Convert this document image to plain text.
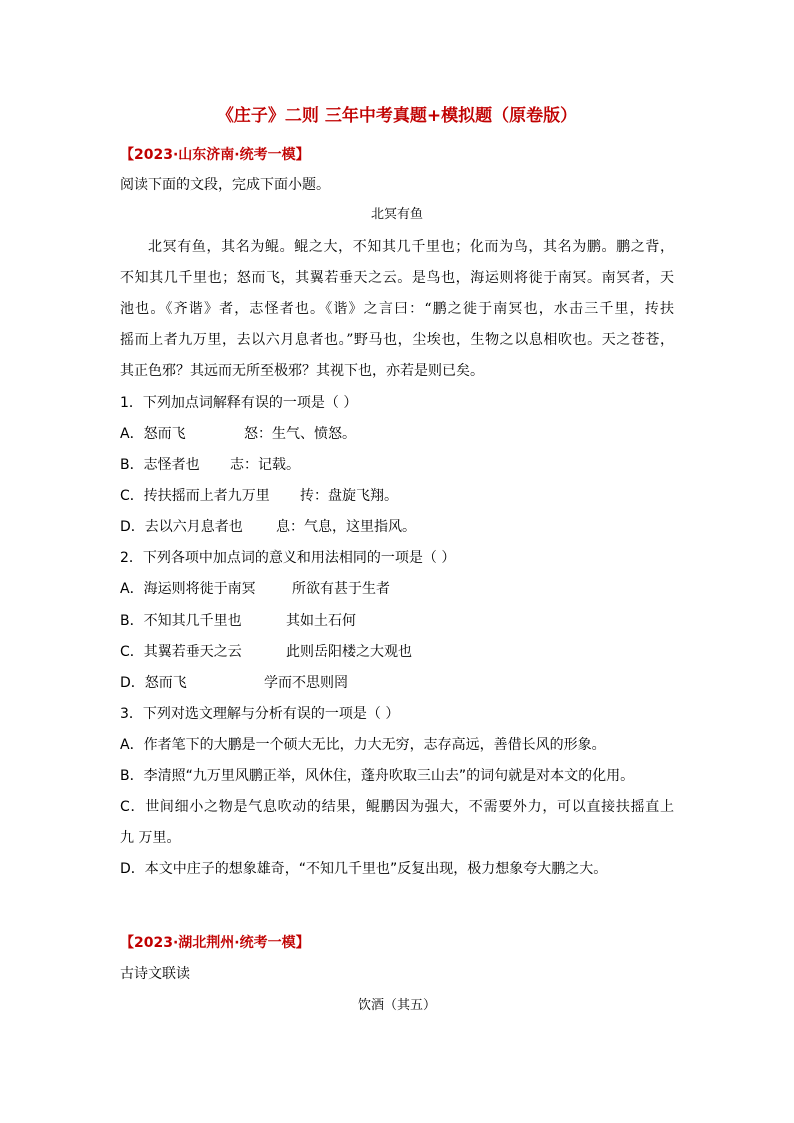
《庄子》二则 三年中考真题+模拟题（原卷版）
【2023·山东济南·统考一模】
阅读下面的文段，完成下面小题。
北冥有鱼
北冥有鱼，其名为鲲。鲲之大，不知其几千里也；化而为鸟，其名为鹏。鹏之背，
不知其几千里也；怒而飞，其翼若垂天之云。是鸟也，海运则将徙于南冥。南冥者，天
池也。《齐谐》者，志怪者也。《谐》之言曰：“鹏之徙于南冥也，水击三千里，抟扶
摇而上者九万里，去以六月息者也。”野马也，尘埃也，生物之以息相吹也。天之苍苍，
其正色邪？其远而无所至极邪？其视下也，亦若是则已矣。
1．下列加点词解释有误的一项是（ ）
A．怒而飞	怒：生气、愤怒。
B．志怪者也 志：记载。
C．抟扶摇而上者九万里 抟：盘旋飞翔。
D．去以六月息者也 息：气息，这里指风。
2．下列各项中加点词的意义和用法相同的一项是（ ）
A．海运则将徙于南冥	所欲有甚于生者
B．不知其几千里也	其如土石何
C．其翼若垂天之云	此则岳阳楼之大观也
D．怒而飞	学而不思则罔
3．下列对选文理解与分析有误的一项是（ ）
A．作者笔下的大鹏是一个硕大无比，力大无穷，志存高远，善借长风的形象。
B．李清照“九万里风鹏正举，风休住，蓬舟吹取三山去”的词句就是对本文的化用。
C．世间细小之物是气息吹动的结果，鲲鹏因为强大，不需要外力，可以直接扶摇直上
九 万里。
D．本文中庄子的想象雄奇，“不知几千里也”反复出现，极力想象夸大鹏之大。
【2023·湖北荆州·统考一模】
古诗文联读
饮酒（其五）
